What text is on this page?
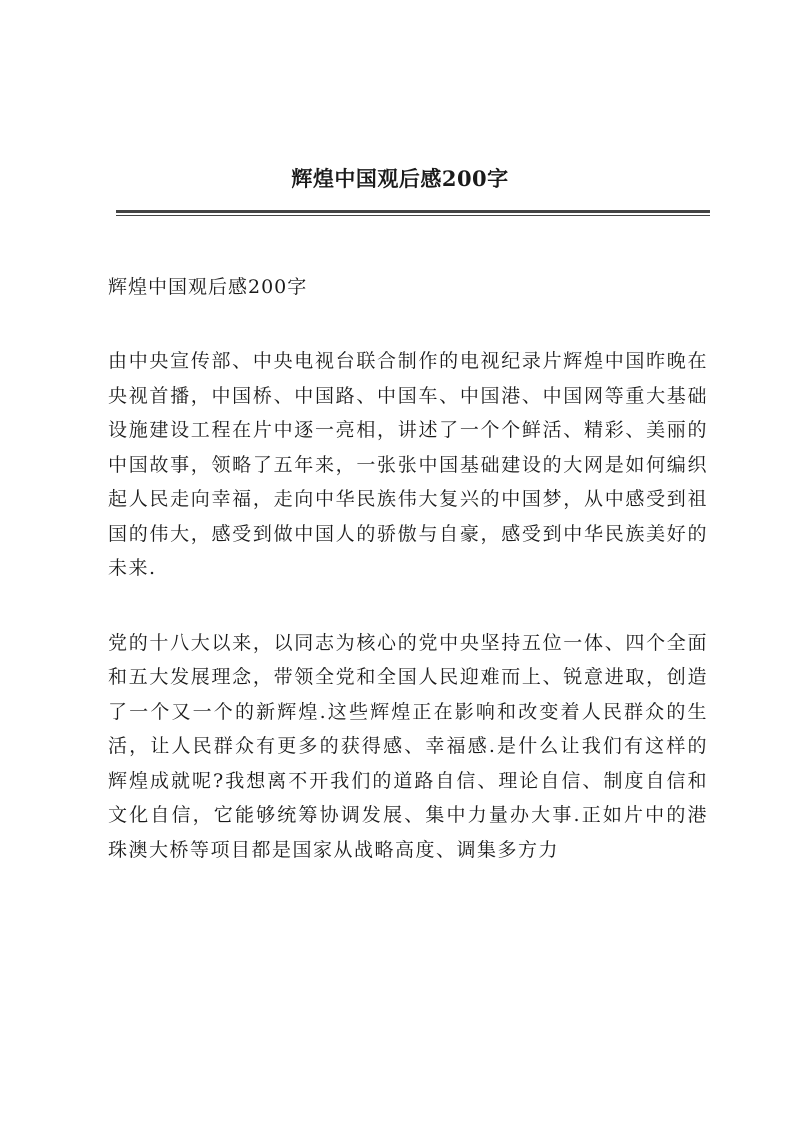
辉煌中国观后感200字

辉煌中国观后感200字

由中央宣传部、中央电视台联合制作的电视纪录片辉煌中国昨晚在央视首播，中国桥、中国路、中国车、中国港、中国网等重大基础设施建设工程在片中逐一亮相，讲述了一个个鲜活、精彩、美丽的中国故事，领略了五年来，一张张中国基础建设的大网是如何编织起人民走向幸福，走向中华民族伟大复兴的中国梦，从中感受到祖国的伟大，感受到做中国人的骄傲与自豪，感受到中华民族美好的未来.

党的十八大以来，以同志为核心的党中央坚持五位一体、四个全面和五大发展理念，带领全党和全国人民迎难而上、锐意进取，创造了一个又一个的新辉煌.这些辉煌正在影响和改变着人民群众的生活，让人民群众有更多的获得感、幸福感.是什么让我们有这样的辉煌成就呢?我想离不开我们的道路自信、理论自信、制度自信和文化自信，它能够统筹协调发展、集中力量办大事.正如片中的港珠澳大桥等项目都是国家从战略高度、调集多方力
